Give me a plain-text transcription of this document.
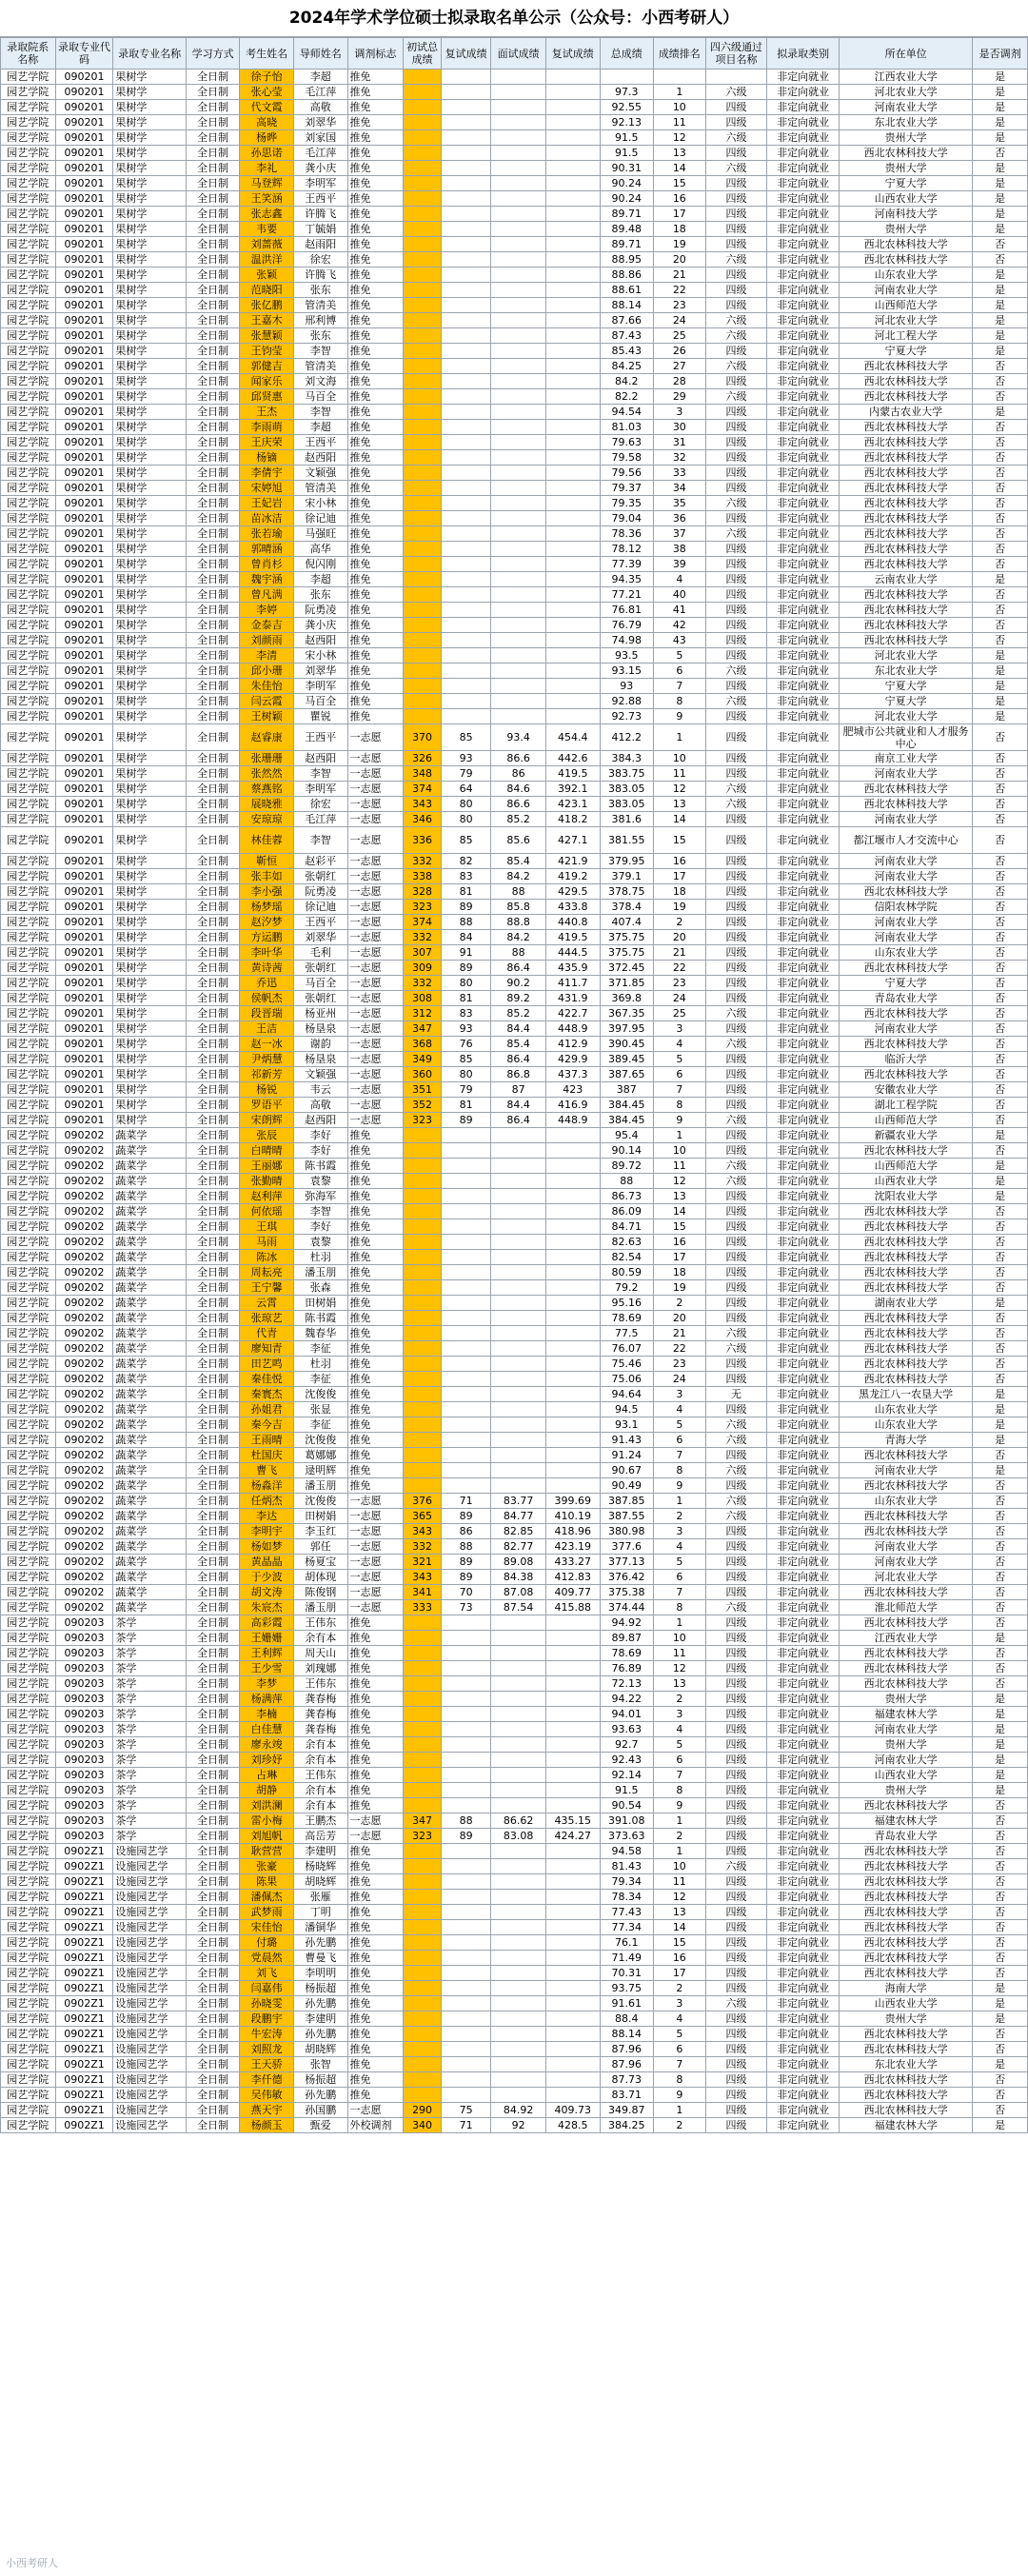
2024年学术学位硕士拟录取名单公示（公众号：小西考研人）
录取院系名称	录取专业代码	录取专业名称	学习方式	考生姓名	导师姓名	调剂标志	初试总成绩	复试成绩	面试成绩	复试成绩	总成绩	成绩排名	四六级通过项目名称	拟录取类别	所在单位	是否调剂
园艺学院	090201	果树学	全日制	徐子怡	李超	推免								非定向就业	江西农业大学	是
园艺学院	090201	果树学	全日制	张心莹	毛江萍	推免					97.3	1	六级	非定向就业	河北农业大学	是
园艺学院	090201	果树学	全日制	代文霞	高敬	推免					92.55	10	四级	非定向就业	河南农业大学	是
园艺学院	090201	果树学	全日制	高晓	刘翠华	推免					92.13	11	四级	非定向就业	东北农业大学	是
园艺学院	090201	果树学	全日制	杨晔	刘家国	推免					91.5	12	六级	非定向就业	贵州大学	是
园艺学院	090201	果树学	全日制	孙思诺	毛江萍	推免					91.5	13	四级	非定向就业	西北农林科技大学	否
园艺学院	090201	果树学	全日制	李礼	龚小庆	推免					90.31	14	六级	非定向就业	贵州大学	是
园艺学院	090201	果树学	全日制	马登辉	李明军	推免					90.24	15	四级	非定向就业	宁夏大学	是
园艺学院	090201	果树学	全日制	王笑涵	王西平	推免					90.24	16	四级	非定向就业	山西农业大学	是
园艺学院	090201	果树学	全日制	张志鑫	许腾飞	推免					89.71	17	四级	非定向就业	河南科技大学	是
园艺学院	090201	果树学	全日制	韦要	丁毓娟	推免					89.48	18	四级	非定向就业	贵州大学	是
园艺学院	090201	果树学	全日制	刘蔷薇	赵雨阳	推免					89.71	19	四级	非定向就业	西北农林科技大学	否
园艺学院	090201	果树学	全日制	温洪洋	徐宏	推免					88.95	20	六级	非定向就业	西北农林科技大学	否
园艺学院	090201	果树学	全日制	张颖	许腾飞	推免					88.86	21	四级	非定向就业	山东农业大学	是
园艺学院	090201	果树学	全日制	范晓阳	张东	推免					88.61	22	四级	非定向就业	河南农业大学	是
园艺学院	090201	果树学	全日制	张亿鹏	管清美	推免					88.14	23	四级	非定向就业	山西师范大学	是
园艺学院	090201	果树学	全日制	王嘉木	邢利博	推免					87.66	24	六级	非定向就业	河北农业大学	是
园艺学院	090201	果树学	全日制	张慧颖	张东	推免					87.43	25	六级	非定向就业	河北工程大学	是
园艺学院	090201	果树学	全日制	王钧莹	李智	推免					85.43	26	四级	非定向就业	宁夏大学	是
园艺学院	090201	果树学	全日制	郭健吉	管清美	推免					84.25	27	六级	非定向就业	西北农林科技大学	否
园艺学院	090201	果树学	全日制	闻家乐	刘文海	推免					84.2	28	四级	非定向就业	西北农林科技大学	否
园艺学院	090201	果树学	全日制	邱贤惠	马百全	推免					82.2	29	六级	非定向就业	西北农林科技大学	否
园艺学院	090201	果树学	全日制	王杰	李智	推免					94.54	3	四级	非定向就业	内蒙古农业大学	是
园艺学院	090201	果树学	全日制	李雨萌	李超	推免					81.03	30	四级	非定向就业	西北农林科技大学	否
园艺学院	090201	果树学	全日制	王庆荣	王西平	推免					79.63	31	四级	非定向就业	西北农林科技大学	否
园艺学院	090201	果树学	全日制	杨镝	赵西阳	推免					79.58	32	四级	非定向就业	西北农林科技大学	否
园艺学院	090201	果树学	全日制	李倩宇	文颖强	推免					79.56	33	四级	非定向就业	西北农林科技大学	否
园艺学院	090201	果树学	全日制	宋婷旭	管清美	推免					79.37	34	四级	非定向就业	西北农林科技大学	否
园艺学院	090201	果树学	全日制	王妃岩	宋小林	推免					79.35	35	六级	非定向就业	西北农林科技大学	否
园艺学院	090201	果树学	全日制	苗冰洁	徐记迪	推免					79.04	36	四级	非定向就业	西北农林科技大学	否
园艺学院	090201	果树学	全日制	张若瑜	马强旺	推免					78.36	37	六级	非定向就业	西北农林科技大学	否
园艺学院	090201	果树学	全日制	郭晴涵	高华	推免					78.12	38	四级	非定向就业	西北农林科技大学	否
园艺学院	090201	果树学	全日制	曾肖杉	倪闪刚	推免					77.39	39	四级	非定向就业	西北农林科技大学	否
园艺学院	090201	果树学	全日制	魏宇涵	李超	推免					94.35	4	四级	非定向就业	云南农业大学	是
园艺学院	090201	果树学	全日制	曾凡满	张东	推免					77.21	40	四级	非定向就业	西北农林科技大学	否
园艺学院	090201	果树学	全日制	李婷	阮勇凌	推免					76.81	41	四级	非定向就业	西北农林科技大学	否
园艺学院	090201	果树学	全日制	金泰吉	龚小庆	推免					76.79	42	四级	非定向就业	西北农林科技大学	否
园艺学院	090201	果树学	全日制	刘颜雨	赵西阳	推免					74.98	43	四级	非定向就业	西北农林科技大学	否
园艺学院	090201	果树学	全日制	李清	宋小林	推免					93.5	5	四级	非定向就业	河北农业大学	是
园艺学院	090201	果树学	全日制	邱小珊	刘翠华	推免					93.15	6	六级	非定向就业	东北农业大学	是
园艺学院	090201	果树学	全日制	朱佳怡	李明军	推免					93	7	四级	非定向就业	宁夏大学	是
园艺学院	090201	果树学	全日制	闫云霞	马百全	推免					92.88	8	六级	非定向就业	宁夏大学	是
园艺学院	090201	果树学	全日制	王树颖	瞿锐	推免					92.73	9	四级	非定向就业	河北农业大学	是
园艺学院	090201	果树学	全日制	赵睿康	王西平	一志愿	370	85	93.4	454.4	412.2	1	四级	非定向就业	肥城市公共就业和人才服务中心	否
园艺学院	090201	果树学	全日制	张珊珊	赵西阳	一志愿	326	93	86.6	442.6	384.3	10	四级	非定向就业	南京工业大学	否
园艺学院	090201	果树学	全日制	张然然	李智	一志愿	348	79	86	419.5	383.75	11	四级	非定向就业	河南农业大学	否
园艺学院	090201	果树学	全日制	蔡燕铭	李明军	一志愿	374	64	84.6	392.1	383.05	12	六级	非定向就业	西北农林科技大学	否
园艺学院	090201	果树学	全日制	展晓雅	徐宏	一志愿	343	80	86.6	423.1	383.05	13	六级	非定向就业	西北农林科技大学	否
园艺学院	090201	果树学	全日制	安琼琼	毛江萍	一志愿	346	80	85.2	418.2	381.6	14	四级	非定向就业	河南农业大学	否
园艺学院	090201	果树学	全日制	林佳蓉	李智	一志愿	336	85	85.6	427.1	381.55	15	四级	非定向就业	都江堰市人才交流中心	否
园艺学院	090201	果树学	全日制	靳恒	赵彩平	一志愿	332	82	85.4	421.9	379.95	16	四级	非定向就业	河南农业大学	否
园艺学院	090201	果树学	全日制	张丰如	张朝红	一志愿	338	83	84.2	419.2	379.1	17	四级	非定向就业	河南农业大学	否
园艺学院	090201	果树学	全日制	李小强	阮勇凌	一志愿	328	81	88	429.5	378.75	18	四级	非定向就业	西北农林科技大学	否
园艺学院	090201	果树学	全日制	杨梦瑶	徐记迪	一志愿	323	89	85.8	433.8	378.4	19	四级	非定向就业	信阳农林学院	否
园艺学院	090201	果树学	全日制	赵汐梦	王西平	一志愿	374	88	88.8	440.8	407.4	2	四级	非定向就业	河南农业大学	否
园艺学院	090201	果树学	全日制	方运鹏	刘翠华	一志愿	332	84	84.2	419.5	375.75	20	四级	非定向就业	河南农业大学	否
园艺学院	090201	果树学	全日制	李叶华	毛利	一志愿	307	91	88	444.5	375.75	21	四级	非定向就业	山东农业大学	否
园艺学院	090201	果树学	全日制	黄诗茜	张朝红	一志愿	309	89	86.4	435.9	372.45	22	四级	非定向就业	西北农林科技大学	否
园艺学院	090201	果树学	全日制	乔迅	马百全	一志愿	332	80	90.2	411.7	371.85	23	四级	非定向就业	宁夏大学	否
园艺学院	090201	果树学	全日制	侯帆杰	张朝红	一志愿	308	81	89.2	431.9	369.8	24	四级	非定向就业	青岛农业大学	否
园艺学院	090201	果树学	全日制	段晋瑞	杨亚州	一志愿	312	83	85.2	422.7	367.35	25	六级	非定向就业	西北农林科技大学	否
园艺学院	090201	果树学	全日制	王洁	杨垦泉	一志愿	347	93	84.4	448.9	397.95	3	四级	非定向就业	河南农业大学	否
园艺学院	090201	果树学	全日制	赵一冰	谢韵	一志愿	368	76	85.4	412.9	390.45	4	六级	非定向就业	西北农林科技大学	否
园艺学院	090201	果树学	全日制	尹炳慧	杨垦泉	一志愿	349	85	86.4	429.9	389.45	5	四级	非定向就业	临沂大学	否
园艺学院	090201	果树学	全日制	祁新芳	文颖强	一志愿	360	80	86.8	437.3	387.65	6	四级	非定向就业	西北农林科技大学	否
园艺学院	090201	果树学	全日制	杨锐	韦云	一志愿	351	79	87	423	387	7	四级	非定向就业	安徽农业大学	否
园艺学院	090201	果树学	全日制	罗语平	高敬	一志愿	352	81	84.4	416.9	384.45	8	四级	非定向就业	湖北工程学院	否
园艺学院	090201	果树学	全日制	宋朗辉	赵西阳	一志愿	323	89	86.4	448.9	384.45	9	六级	非定向就业	山西师范大学	否
园艺学院	090202	蔬菜学	全日制	张辰	李好	推免					95.4	1	四级	非定向就业	新疆农业大学	是
园艺学院	090202	蔬菜学	全日制	白晴晴	李好	推免					90.14	10	四级	非定向就业	西北农林科技大学	否
园艺学院	090202	蔬菜学	全日制	王丽娜	陈书霞	推免					89.72	11	六级	非定向就业	山西师范大学	是
园艺学院	090202	蔬菜学	全日制	张勤晴	袁黎	推免					88	12	六级	非定向就业	山西农业大学	是
园艺学院	090202	蔬菜学	全日制	赵利萍	弥海军	推免					86.73	13	四级	非定向就业	沈阳农业大学	是
园艺学院	090202	蔬菜学	全日制	何依瑶	李智	推免					86.09	14	四级	非定向就业	西北农林科技大学	否
园艺学院	090202	蔬菜学	全日制	王琪	李好	推免					84.71	15	四级	非定向就业	西北农林科技大学	否
园艺学院	090202	蔬菜学	全日制	马雨	袁黎	推免					82.63	16	四级	非定向就业	西北农林科技大学	否
园艺学院	090202	蔬菜学	全日制	陈冰	杜羽	推免					82.54	17	四级	非定向就业	西北农林科技大学	否
园艺学院	090202	蔬菜学	全日制	周耘亮	潘玉朋	推免					80.59	18	四级	非定向就业	西北农林科技大学	否
园艺学院	090202	蔬菜学	全日制	王宁馨	张森	推免					79.2	19	四级	非定向就业	西北农林科技大学	否
园艺学院	090202	蔬菜学	全日制	云霄	田树娟	推免					95.16	2	四级	非定向就业	湖南农业大学	是
园艺学院	090202	蔬菜学	全日制	张琼艺	陈书霞	推免					78.69	20	四级	非定向就业	西北农林科技大学	否
园艺学院	090202	蔬菜学	全日制	代青	魏春华	推免					77.5	21	六级	非定向就业	西北农林科技大学	否
园艺学院	090202	蔬菜学	全日制	廖知青	李征	推免					76.07	22	六级	非定向就业	西北农林科技大学	否
园艺学院	090202	蔬菜学	全日制	田艺鸣	杜羽	推免					75.46	23	四级	非定向就业	西北农林科技大学	否
园艺学院	090202	蔬菜学	全日制	秦佳悦	李征	推免					75.06	24	四级	非定向就业	西北农林科技大学	否
园艺学院	090202	蔬菜学	全日制	秦寰杰	沈俊俊	推免					94.64	3	无	非定向就业	黑龙江八一农垦大学	是
园艺学院	090202	蔬菜学	全日制	孙姐君	张显	推免					94.5	4	四级	非定向就业	山东农业大学	是
园艺学院	090202	蔬菜学	全日制	秦今吉	李征	推免					93.1	5	六级	非定向就业	山东农业大学	是
园艺学院	090202	蔬菜学	全日制	王雨晴	沈俊俊	推免					91.43	6	六级	非定向就业	青海大学	是
园艺学院	090202	蔬菜学	全日制	杜国庆	葛娜娜	推免					91.24	7	四级	非定向就业	西北农林科技大学	否
园艺学院	090202	蔬菜学	全日制	曹飞	逯明辉	推免					90.67	8	六级	非定向就业	河南农业大学	是
园艺学院	090202	蔬菜学	全日制	杨淼洋	潘玉朋	推免					90.49	9	四级	非定向就业	西北农林科技大学	否
园艺学院	090202	蔬菜学	全日制	任炳杰	沈俊俊	一志愿	376	71	83.77	399.69	387.85	1	六级	非定向就业	山东农业大学	否
园艺学院	090202	蔬菜学	全日制	李达	田树娟	一志愿	365	89	84.77	410.19	387.55	2	六级	非定向就业	西北农林科技大学	否
园艺学院	090202	蔬菜学	全日制	李明宇	李玉红	一志愿	343	86	82.85	418.96	380.98	3	四级	非定向就业	西北农林科技大学	否
园艺学院	090202	蔬菜学	全日制	杨如梦	郭任	一志愿	332	88	82.77	423.19	377.6	4	四级	非定向就业	河南农业大学	否
园艺学院	090202	蔬菜学	全日制	黄晶晶	杨夏宝	一志愿	321	89	89.08	433.27	377.13	5	四级	非定向就业	河南农业大学	否
园艺学院	090202	蔬菜学	全日制	于少波	胡体现	一志愿	343	89	84.38	412.83	376.42	6	四级	非定向就业	河北农业大学	否
园艺学院	090202	蔬菜学	全日制	胡文涛	陈俊钢	一志愿	341	70	87.08	409.77	375.38	7	四级	非定向就业	西北农林科技大学	否
园艺学院	090202	蔬菜学	全日制	朱宸杰	潘玉朋	一志愿	333	73	87.54	415.88	374.44	8	六级	非定向就业	淮北师范大学	否
园艺学院	090203	茶学	全日制	高彩霞	王伟东	推免					94.92	1	四级	非定向就业	西北农林科技大学	否
园艺学院	090203	茶学	全日制	王姗姗	余有本	推免					89.87	10	四级	非定向就业	江西农业大学	是
园艺学院	090203	茶学	全日制	王利辉	周天山	推免					78.69	11	四级	非定向就业	西北农林科技大学	否
园艺学院	090203	茶学	全日制	王少雪	刘瑰娜	推免					76.89	12	四级	非定向就业	西北农林科技大学	否
园艺学院	090203	茶学	全日制	李梦	王伟东	推免					72.13	13	四级	非定向就业	西北农林科技大学	否
园艺学院	090203	茶学	全日制	杨满萍	龚春梅	推免					94.22	2	四级	非定向就业	贵州大学	是
园艺学院	090203	茶学	全日制	李楠	龚春梅	推免					94.01	3	四级	非定向就业	福建农林大学	是
园艺学院	090203	茶学	全日制	白佳慧	龚春梅	推免					93.63	4	四级	非定向就业	河南农业大学	是
园艺学院	090203	茶学	全日制	廖永竣	余有本	推免					92.7	5	四级	非定向就业	贵州大学	是
园艺学院	090203	茶学	全日制	刘珍妤	余有本	推免					92.43	6	四级	非定向就业	河南农业大学	是
园艺学院	090203	茶学	全日制	占琳	王伟东	推免					92.14	7	四级	非定向就业	山西农业大学	是
园艺学院	090203	茶学	全日制	胡静	余有本	推免					91.5	8	四级	非定向就业	贵州大学	是
园艺学院	090203	茶学	全日制	刘洪澜	余有本	推免					90.54	9	四级	非定向就业	西北农林科技大学	否
园艺学院	090203	茶学	全日制	雷小梅	王鹏杰	一志愿	347	88	86.62	435.15	391.08	1	四级	非定向就业	福建农林大学	否
园艺学院	090203	茶学	全日制	刘旭帆	高岳芳	一志愿	323	89	83.08	424.27	373.63	2	四级	非定向就业	青岛农业大学	否
园艺学院	0902Z1	设施园艺学	全日制	耿营营	李建明	推免					94.58	1	四级	非定向就业	西北农林科技大学	否
园艺学院	0902Z1	设施园艺学	全日制	张豪	杨晓辉	推免					81.43	10	六级	非定向就业	西北农林科技大学	否
园艺学院	0902Z1	设施园艺学	全日制	陈果	胡晓辉	推免					79.34	11	四级	非定向就业	西北农林科技大学	否
园艺学院	0902Z1	设施园艺学	全日制	潘佩杰	张雁	推免					78.34	12	四级	非定向就业	西北农林科技大学	否
园艺学院	0902Z1	设施园艺学	全日制	武梦雨	丁明	推免					77.43	13	四级	非定向就业	西北农林科技大学	否
园艺学院	0902Z1	设施园艺学	全日制	宋佳怡	潘铜华	推免					77.34	14	四级	非定向就业	西北农林科技大学	否
园艺学院	0902Z1	设施园艺学	全日制	付璐	孙先鹏	推免					76.1	15	四级	非定向就业	西北农林科技大学	否
园艺学院	0902Z1	设施园艺学	全日制	党晨然	曹曼飞	推免					71.49	16	四级	非定向就业	西北农林科技大学	否
园艺学院	0902Z1	设施园艺学	全日制	刘飞	李明明	推免					70.31	17	四级	非定向就业	西北农林科技大学	否
园艺学院	0902Z1	设施园艺学	全日制	闫嘉伟	杨振超	推免					93.75	2	四级	非定向就业	海南大学	是
园艺学院	0902Z1	设施园艺学	全日制	孙晓雯	孙先鹏	推免					91.61	3	六级	非定向就业	山西农业大学	是
园艺学院	0902Z1	设施园艺学	全日制	段鹏宇	李建明	推免					88.4	4	四级	非定向就业	贵州大学	是
园艺学院	0902Z1	设施园艺学	全日制	牛宏涛	孙先鹏	推免					88.14	5	四级	非定向就业	西北农林科技大学	否
园艺学院	0902Z1	设施园艺学	全日制	刘照龙	胡晓辉	推免					87.96	6	四级	非定向就业	西北农林科技大学	否
园艺学院	0902Z1	设施园艺学	全日制	王天骄	张智	推免					87.96	7	四级	非定向就业	东北农业大学	是
园艺学院	0902Z1	设施园艺学	全日制	李仟德	杨振超	推免					87.73	8	四级	非定向就业	西北农林科技大学	否
园艺学院	0902Z1	设施园艺学	全日制	吴伟敏	孙先鹏	推免					83.71	9	四级	非定向就业	西北农林科技大学	否
园艺学院	0902Z1	设施园艺学	全日制	燕天宇	孙国鹏	一志愿	290	75	84.92	409.73	349.87	1	四级	非定向就业	西北农林科技大学	否
园艺学院	0902Z1	设施园艺学	全日制	杨颜玉	甄爱	外校调剂	340	71	92	428.5	384.25	2	四级	非定向就业	福建农林大学	是
小西考研人
